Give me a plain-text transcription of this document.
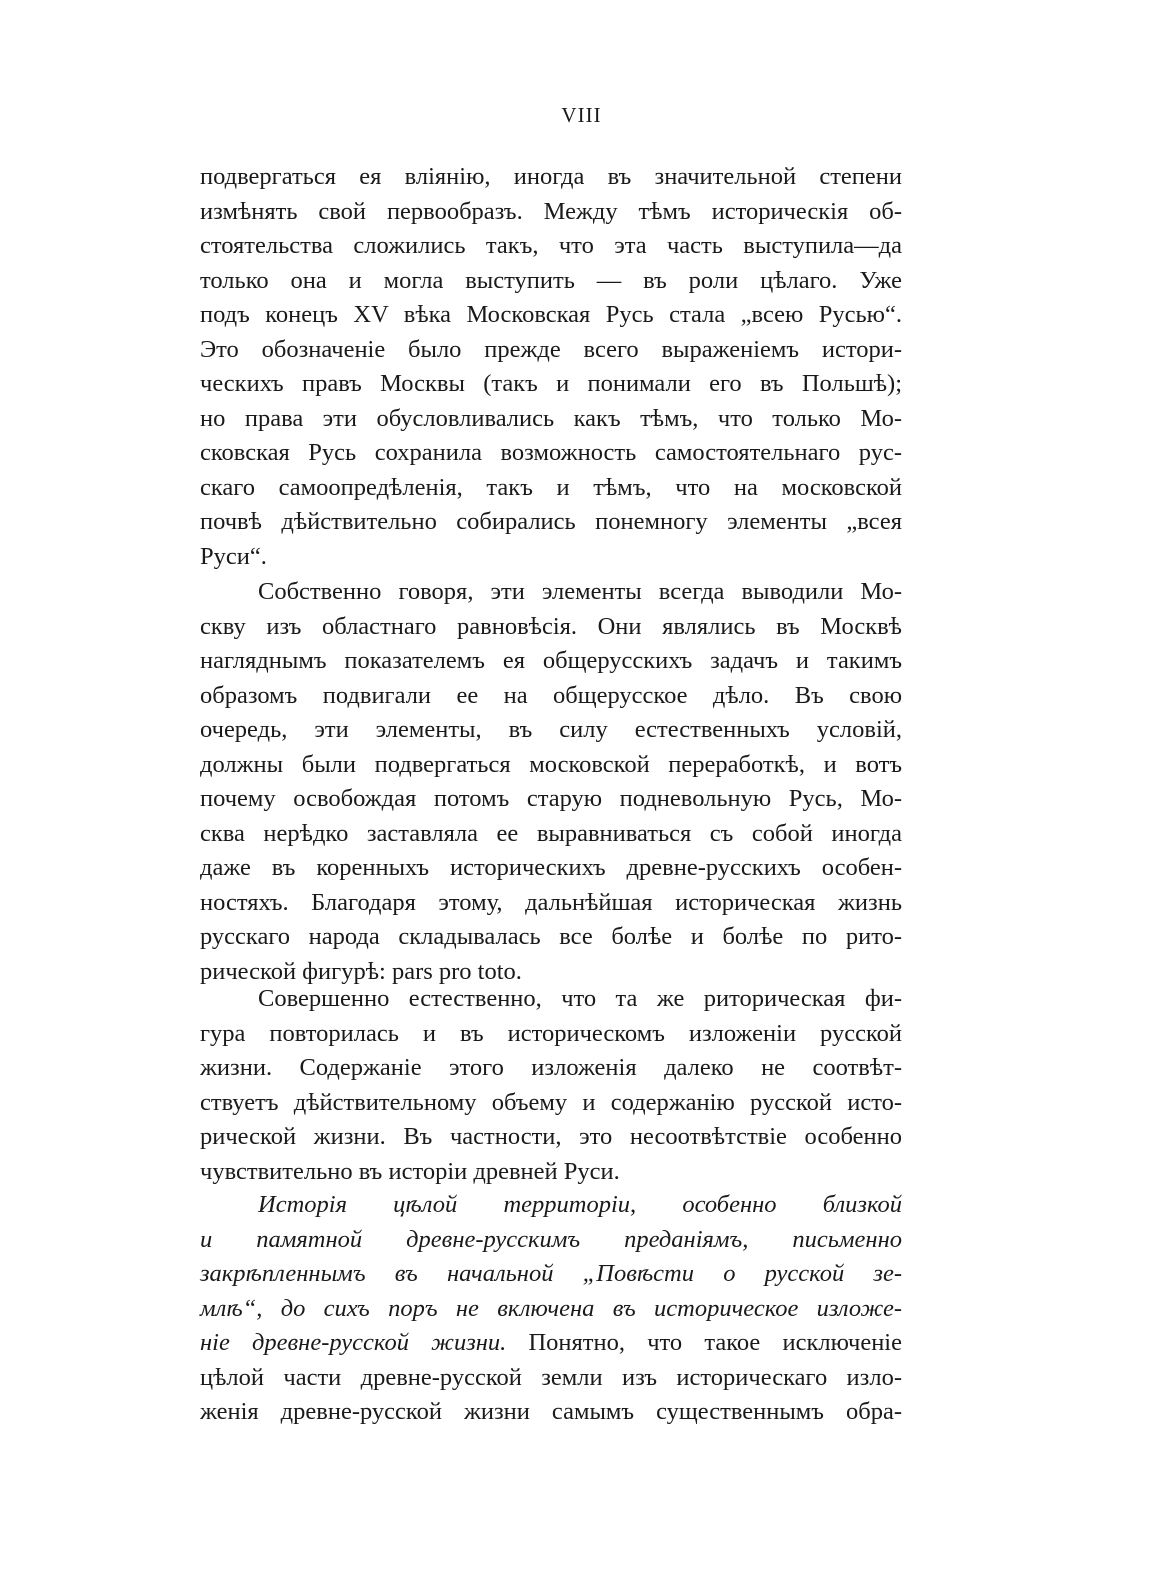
VIII
подвергаться ея вліянію, иногда въ значительной степени
измѣнять свой первообразъ. Между тѣмъ историческія об-
стоятельства сложились такъ, что эта часть выступила—да
только она и могла выступить — въ роли цѣлаго. Уже
подъ конецъ XV вѣка Московская Русь стала „всею Русью“.
Это обозначеніе было прежде всего выраженіемъ истори-
ческихъ правъ Москвы (такъ и понимали его въ Польшѣ);
но права эти обусловливались какъ тѣмъ, что только Мо-
сковская Русь сохранила возможность самостоятельнаго рус-
скаго самоопредѣленія, такъ и тѣмъ, что на московской
почвѣ дѣйствительно собирались понемногу элементы „всея
Руси“.
Собственно говоря, эти элементы всегда выводили Мо-
скву изъ областнаго равновѣсія. Они являлись въ Москвѣ
нагляднымъ показателемъ ея общерусскихъ задачъ и такимъ
образомъ подвигали ее на общерусское дѣло. Въ свою
очередь, эти элементы, въ силу естественныхъ условій,
должны были подвергаться московской переработкѣ, и вотъ
почему освобождая потомъ старую подневольную Русь, Мо-
сква нерѣдко заставляла ее выравниваться съ собой иногда
даже въ коренныхъ историческихъ древне-русскихъ особен-
ностяхъ. Благодаря этому, дальнѣйшая историческая жизнь
русскаго народа складывалась все болѣе и болѣе по рито-
рической фигурѣ: pars pro toto.
Совершенно естественно, что та же риторическая фи-
гура повторилась и въ историческомъ изложеніи русской
жизни. Содержаніе этого изложенія далеко не соотвѣт-
ствуетъ дѣйствительному объему и содержанію русской исто-
рической жизни. Въ частности, это несоотвѣтствіе особенно
чувствительно въ исторіи древней Руси.
Исторія цѣлой территоріи, особенно близкой
и памятной древне-русскимъ преданіямъ, письменно
закрѣпленнымъ въ начальной „Повѣсти о русской зе-
млѣ“, до сихъ поръ не включена въ историческое изложе-
ніе древне-русской жизни. Понятно, что такое исключеніе
цѣлой части древне-русской земли изъ историческаго изло-
женія древне-русской жизни самымъ существеннымъ обра-
